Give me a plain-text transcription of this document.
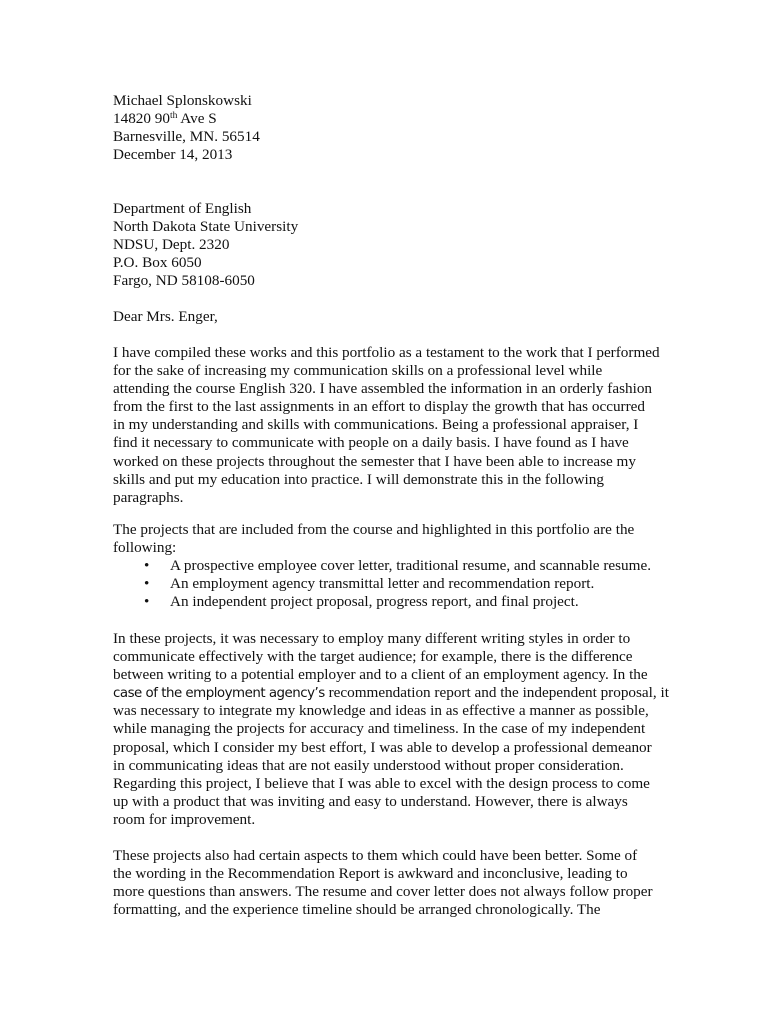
Michael Splonskowski
14820 90th Ave S
Barnesville, MN. 56514
December 14, 2013
Department of English
North Dakota State University
NDSU, Dept. 2320
P.O. Box 6050
Fargo, ND 58108-6050
Dear Mrs. Enger,
I have compiled these works and this portfolio as a testament to the work that I performed
for the sake of increasing my communication skills on a professional level while
attending the course English 320. I have assembled the information in an orderly fashion
from the first to the last assignments in an effort to display the growth that has occurred
in my understanding and skills with communications. Being a professional appraiser, I
find it necessary to communicate with people on a daily basis. I have found as I have
worked on these projects throughout the semester that I have been able to increase my
skills and put my education into practice. I will demonstrate this in the following
paragraphs.
The projects that are included from the course and highlighted in this portfolio are the
following:
• A prospective employee cover letter, traditional resume, and scannable resume.
• An employment agency transmittal letter and recommendation report.
• An independent project proposal, progress report, and final project.
In these projects, it was necessary to employ many different writing styles in order to
communicate effectively with the target audience; for example, there is the difference
between writing to a potential employer and to a client of an employment agency. In the
case of the employment agency’s recommendation report and the independent proposal, it
was necessary to integrate my knowledge and ideas in as effective a manner as possible,
while managing the projects for accuracy and timeliness. In the case of my independent
proposal, which I consider my best effort, I was able to develop a professional demeanor
in communicating ideas that are not easily understood without proper consideration.
Regarding this project, I believe that I was able to excel with the design process to come
up with a product that was inviting and easy to understand. However, there is always
room for improvement.
These projects also had certain aspects to them which could have been better. Some of
the wording in the Recommendation Report is awkward and inconclusive, leading to
more questions than answers. The resume and cover letter does not always follow proper
formatting, and the experience timeline should be arranged chronologically. The
